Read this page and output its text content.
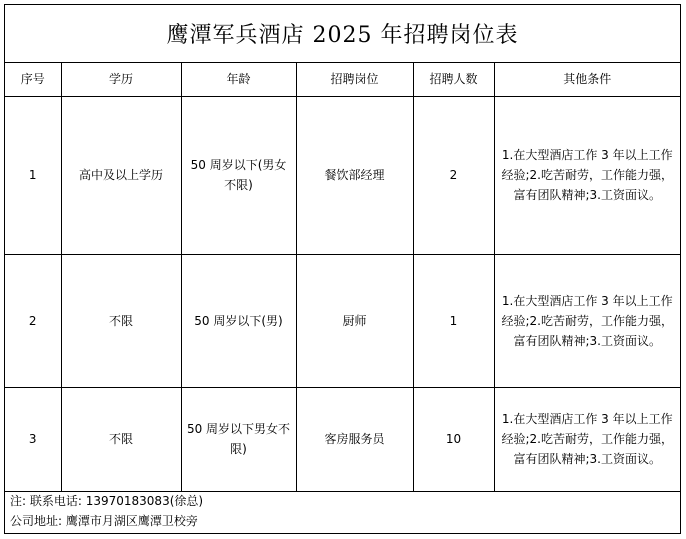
鹰潭军兵酒店 2025 年招聘岗位表
序号	学历	年龄	招聘岗位	招聘人数	其他条件
1	高中及以上学历	50 周岁以下(男女不限)	餐饮部经理	2	1.在大型酒店工作 3 年以上工作经验;2.吃苦耐劳，工作能力强，富有团队精神;3.工资面议。
2	不限	50 周岁以下(男)	厨师	1	1.在大型酒店工作 3 年以上工作经验;2.吃苦耐劳，工作能力强，富有团队精神;3.工资面议。
3	不限	50 周岁以下男女不限)	客房服务员	10	1.在大型酒店工作 3 年以上工作经验;2.吃苦耐劳，工作能力强，富有团队精神;3.工资面议。
注: 联系电话: 13970183083(徐总)
公司地址: 鹰潭市月湖区鹰潭卫校旁
